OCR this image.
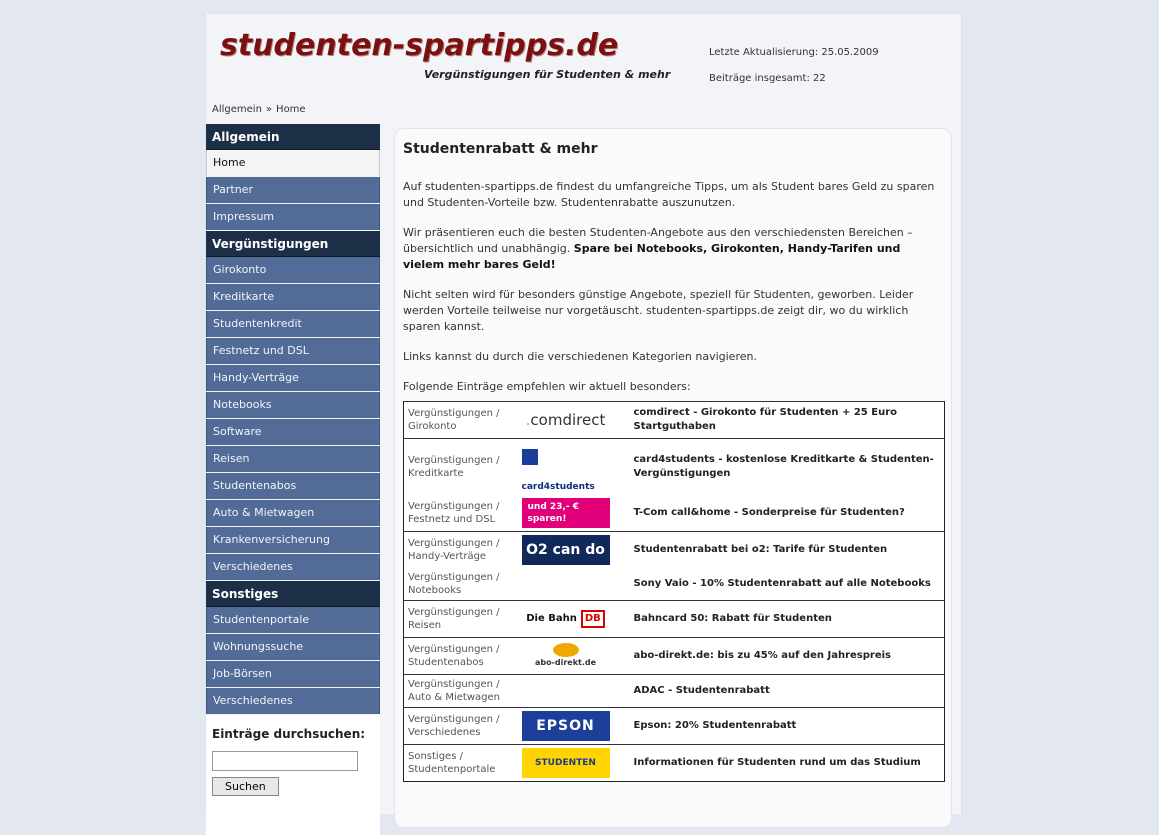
studenten-spartipps.de
Vergünstigungen für Studenten & mehr
Letzte Aktualisierung: 25.05.2009
Beiträge insgesamt: 22
Allgemein » Home
Allgemein
Home
Partner
Impressum
Vergünstigungen
Girokonto
Kreditkarte
Studentenkredit
Festnetz und DSL
Handy-Verträge
Notebooks
Software
Reisen
Studentenabos
Auto & Mietwagen
Krankenversicherung
Verschiedenes
Sonstiges
Studentenportale
Wohnungssuche
Job-Börsen
Verschiedenes
Einträge durchsuchen:
Suchen
Studentenrabatt & mehr

Auf studenten-spartipps.de findest du umfangreiche Tipps, um als Student bares Geld zu sparen und Studenten-Vorteile bzw. Studentenrabatte auszunutzen.

Wir präsentieren euch die besten Studenten-Angebote aus den verschiedensten Bereichen – übersichtlich und unabhängig. Spare bei Notebooks, Girokonten, Handy-Tarifen und vielem mehr bares Geld!

Nicht selten wird für besonders günstige Angebote, speziell für Studenten, geworben. Leider werden Vorteile teilweise nur vorgetäuscht. studenten-spartipps.de zeigt dir, wo du wirklich sparen kannst.

Links kannst du durch die verschiedenen Kategorien navigieren.

Folgende Einträge empfehlen wir aktuell besonders:

Vergünstigungen / Girokonto	.comdirect	comdirect - Girokonto für Studenten + 25 Euro Startguthaben
Vergünstigungen / Kreditkarte	card4students	card4students - kostenlose Kreditkarte & Studenten-Vergünstigungen
Vergünstigungen / Festnetz und DSL	und 23,- € sparen!	T-Com call&home - Sonderpreise für Studenten?
Vergünstigungen / Handy-Verträge	O2 can do	Studentenrabatt bei o2: Tarife für Studenten
Vergünstigungen / Notebooks		Sony Vaio - 10% Studentenrabatt auf alle Notebooks
Vergünstigungen / Reisen	Die Bahn DB	Bahncard 50: Rabatt für Studenten
Vergünstigungen / Studentenabos	abo-direkt.de	abo-direkt.de: bis zu 45% auf den Jahrespreis
Vergünstigungen / Auto & Mietwagen		ADAC - Studentenrabatt
Vergünstigungen / Verschiedenes	EPSON	Epson: 20% Studentenrabatt
Sonstiges / Studentenportale	STUDENTEN	Informationen für Studenten rund um das Studium
